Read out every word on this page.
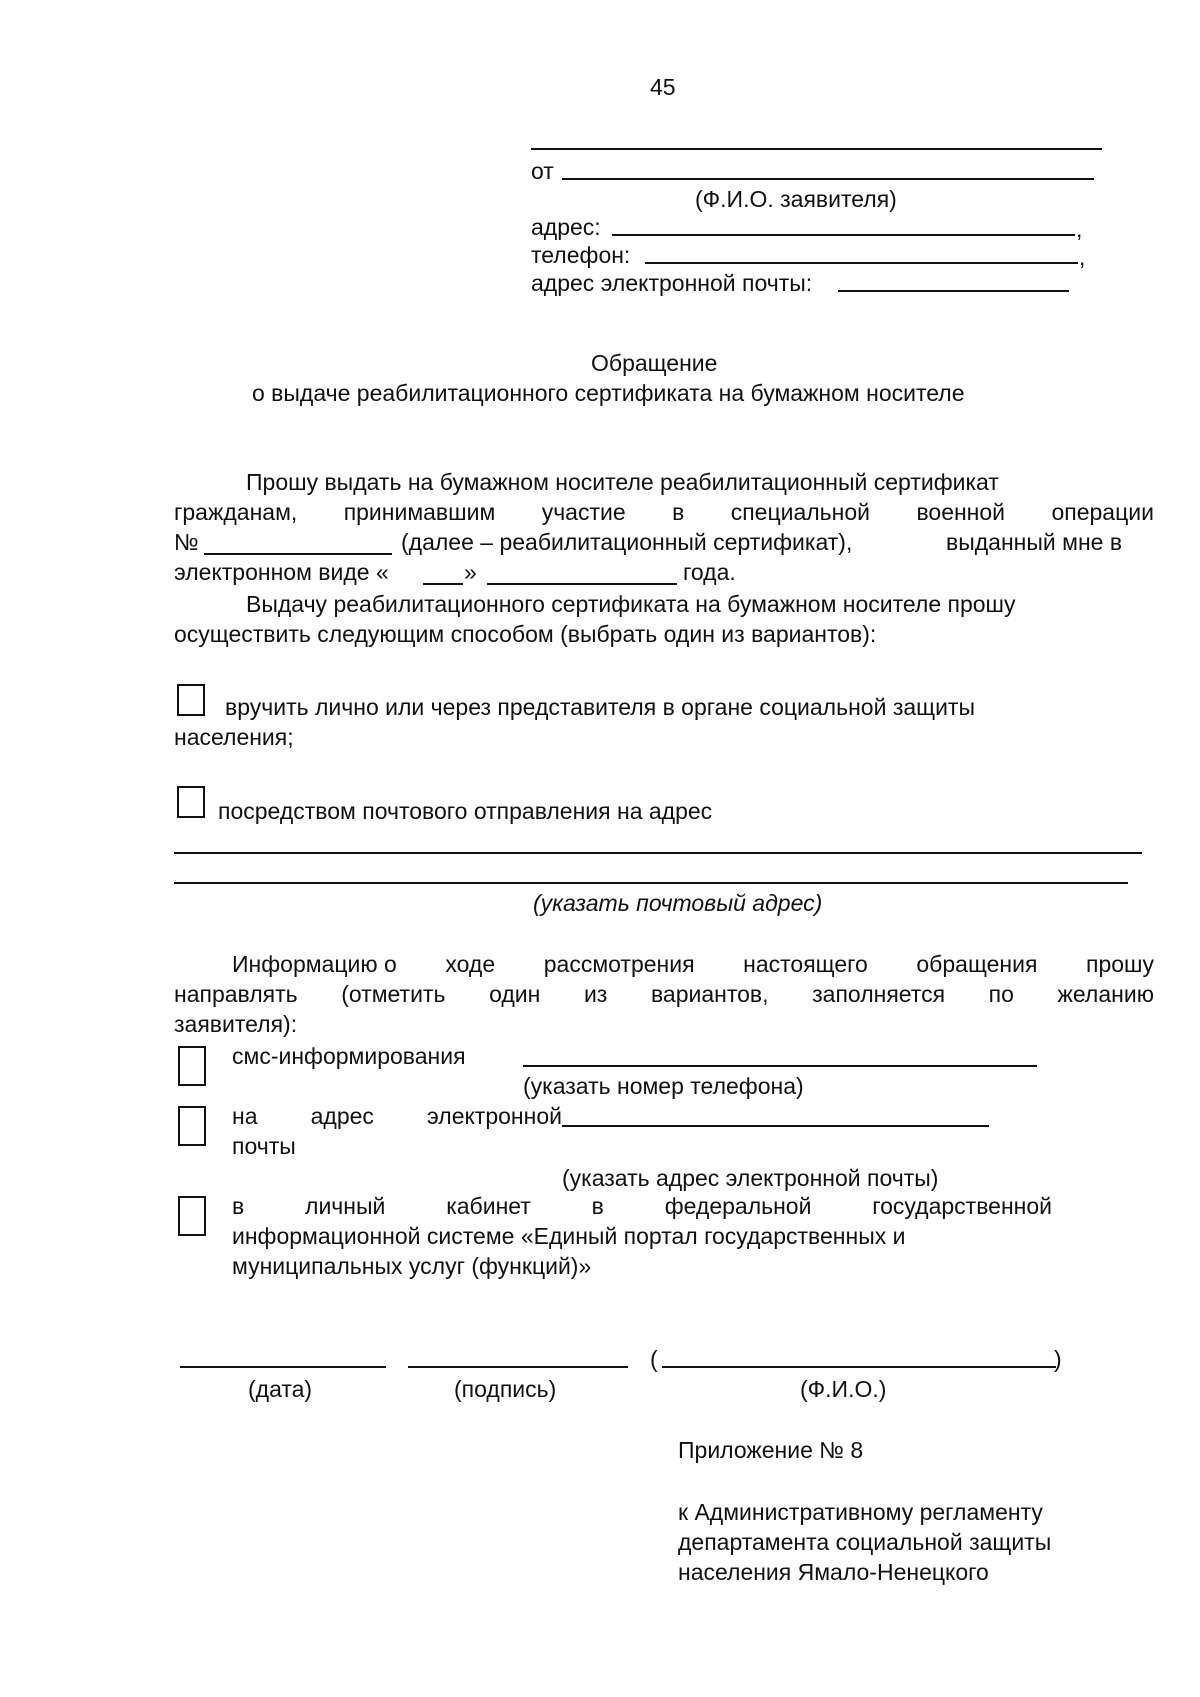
45
от
(Ф.И.О. заявителя)
адрес:	,
телефон:	,
адрес электронной почты:
Обращение
о выдаче реабилитационного сертификата на бумажном носителе
Прошу выдать на бумажном носителе реабилитационный сертификат
гражданам, принимавшим участие в специальной военной операции
№	(далее – реабилитационный сертификат),	выданный мне в
электронном виде «	»	года.
Выдачу реабилитационного сертификата на бумажном носителе прошу
осуществить следующим способом (выбрать один из вариантов):
вручить лично или через представителя в органе социальной защиты
населения;
посредством почтового отправления на адрес
(указать почтовый адрес)
Информацию о ходе рассмотрения настоящего обращения прошу
направлять (отметить один из вариантов, заполняется по желанию
заявителя):
смс-информирования
(указать номер телефона)
на адрес электронной
почты
(указать адрес электронной почты)
в	личный	кабинет	в	федеральной	государственной
информационной системе «Единый портал государственных и
муниципальных услуг (функций)»
(	)
(дата)	(подпись)	(Ф.И.О.)
Приложение № 8
к Административному регламенту
департамента социальной защиты
населения Ямало-Ненецкого
